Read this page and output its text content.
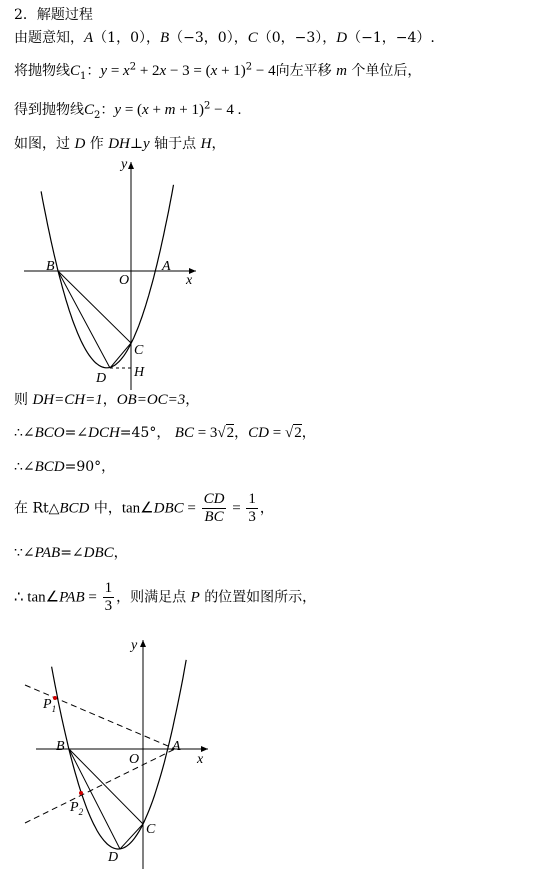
2．解题过程
由题意知，A（1，0），B（−3，0），C（0，−3），D（−1，−4）.
将抛物线$C_1$：$y = x^2 + 2x - 3 = (x + 1)^2 - 4$向左平移 m 个单位后，
得到抛物线$C_2$：$y = (x + m + 1)^2 - 4$ .
如图，过 D 作 DH⊥y 轴于点 H，
y
x
B	A
O
C
D H
则 DH=CH=1，OB=OC=3，
∴∠BCO=∠DCH=45°， BC = 3√2，CD = √2，
∴∠BCD=90°，
在 Rt△BCD 中，tan∠DBC = $\frac{CD}{BC} = \frac{1}{3}$ ，
∵∠PAB=∠DBC，
∴ tan∠PAB = $\frac{1}{3}$ ，则满足点 P 的位置如图所示，
y
x
B	A
O
C
D
$P_1$
$P_2$
